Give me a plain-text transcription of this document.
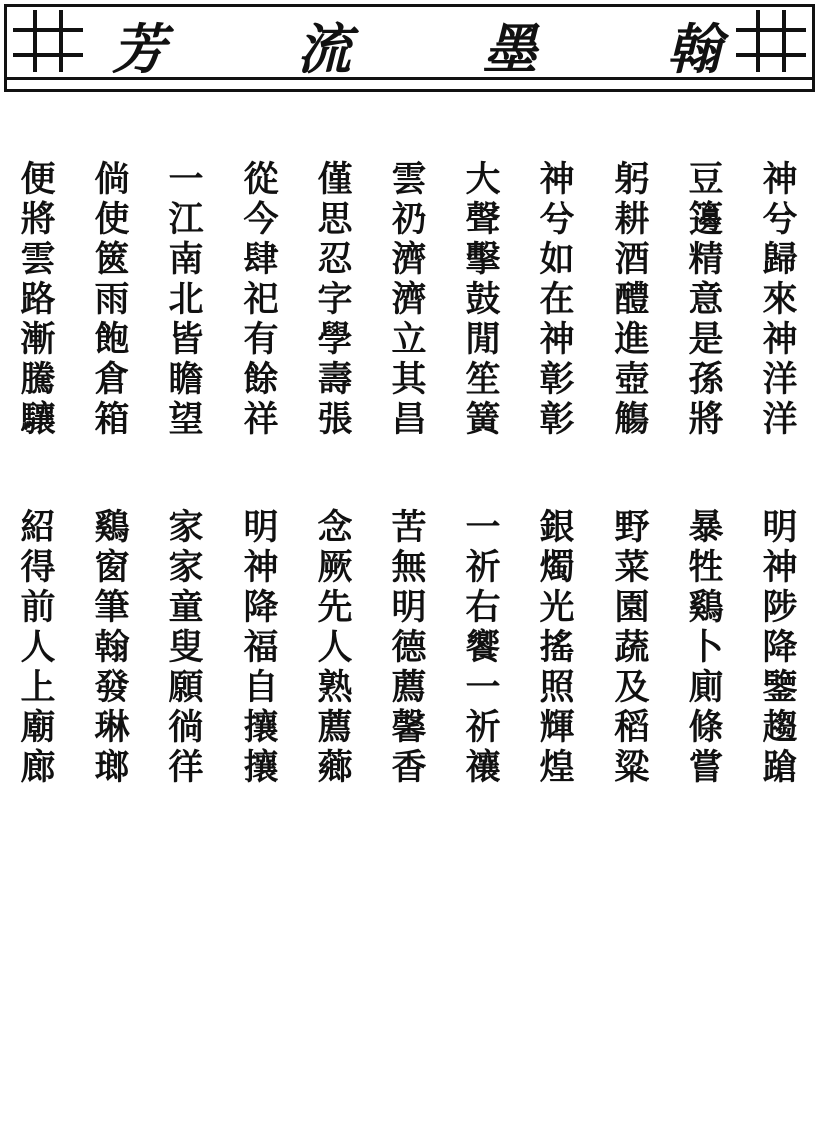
芳 流 墨 翰
神
兮
歸
來
神
洋
洋
豆
籩
精
意
是
孫
將
躬
耕
酒
醴
進
壺
觴
神
兮
如
在
神
彰
彰
大
聲
擊
鼓
閒
笙
簧
雲
礽
濟
濟
立
其
昌
僅
思
忍
字
學
壽
張
從
今
肆
祀
有
餘
祥
一
江
南
北
皆
瞻
望
倘
使
篋
雨
飽
倉
箱
便
將
雲
路
漸
騰
驤
明
神
陟
降
鑒
趨
蹌
暴
牲
鷄
卜
廁
條
嘗
野
菜
園
蔬
及
稻
粱
銀
燭
光
搖
照
輝
煌
一
祈
右
饗
一
祈
禳
苦
無
明
德
薦
馨
香
念
厥
先
人
熟
薦
薌
明
神
降
福
自
攘
攘
家
家
童
叟
願
徜
徉
鷄
窗
筆
翰
發
琳
瑯
紹
得
前
人
上
廟
廊
